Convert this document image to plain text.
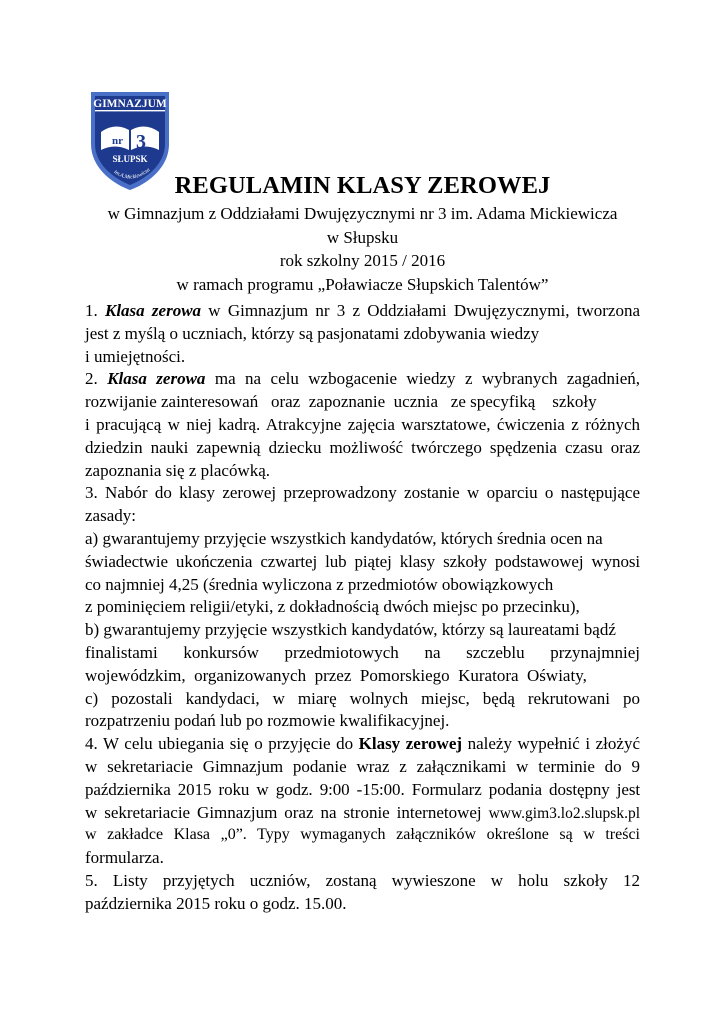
GIMNAZJUM
nr 3
SŁUPSK
im.A.Mickiewicza
REGULAMIN KLASY ZEROWEJ
w Gimnazjum z Oddziałami Dwujęzycznymi nr 3 im. Adama Mickiewicza
w Słupsku
rok szkolny 2015 / 2016
w ramach programu „Poławiacze Słupskich Talentów”
1. Klasa zerowa w Gimnazjum nr 3 z Oddziałami Dwujęzycznymi, tworzona
jest z myślą o uczniach, którzy są pasjonatami zdobywania wiedzy
i umiejętności.
2. Klasa zerowa ma na celu wzbogacenie wiedzy z wybranych zagadnień,
rozwijanie zainteresowań   oraz  zapoznanie  ucznia   ze specyfiką    szkoły
i pracującą w niej kadrą. Atrakcyjne zajęcia warsztatowe, ćwiczenia z różnych
dziedzin nauki zapewnią dziecku możliwość twórczego spędzenia czasu oraz
zapoznania się z placówką.
3. Nabór do klasy zerowej przeprowadzony zostanie w oparciu o następujące
zasady:
a) gwarantujemy przyjęcie wszystkich kandydatów, których średnia ocen na
świadectwie ukończenia czwartej lub piątej klasy szkoły podstawowej wynosi
co najmniej 4,25 (średnia wyliczona z przedmiotów obowiązkowych
z pominięciem religii/etyki, z dokładnością dwóch miejsc po przecinku),
b) gwarantujemy przyjęcie wszystkich kandydatów, którzy są laureatami bądź
finalistami konkursów przedmiotowych na szczeblu przynajmniej
wojewódzkim,  organizowanych  przez  Pomorskiego  Kuratora  Oświaty,
c) pozostali kandydaci, w miarę wolnych miejsc, będą rekrutowani po
rozpatrzeniu podań lub po rozmowie kwalifikacyjnej.
4. W celu ubiegania się o przyjęcie do Klasy zerowej należy wypełnić i złożyć
w sekretariacie Gimnazjum podanie wraz z załącznikami w terminie do 9
października 2015 roku w godz. 9:00 -15:00. Formularz podania dostępny jest
w sekretariacie Gimnazjum oraz na stronie internetowej www.gim3.lo2.slupsk.pl
w zakładce Klasa „0”. Typy wymaganych załączników określone są w treści
formularza.
5. Listy przyjętych uczniów, zostaną wywieszone w holu szkoły 12
października 2015 roku o godz. 15.00.
